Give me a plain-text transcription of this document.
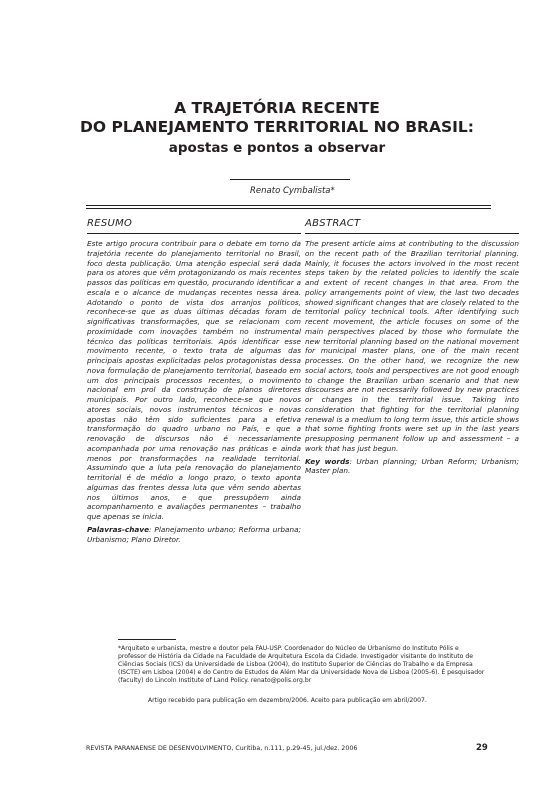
A TRAJETÓRIA RECENTE
DO PLANEJAMENTO TERRITORIAL NO BRASIL:
apostas e pontos a observar
Renato Cymbalista*
RESUMO

Este artigo procura contribuir para o debate em torno da trajetória recente do planejamento territorial no Brasil, foco desta publicação. Uma atenção especial será dada para os atores que vêm protagonizando os mais recentes passos das políticas em questão, procurando identificar a escala e o alcance de mudanças recentes nessa área. Adotando o ponto de vista dos arranjos políticos, reconhece-se que as duas últimas décadas foram de significativas transformações, que se relacionam com proximidade com inovações também no instrumental técnico das políticas territoriais. Após identificar esse movimento recente, o texto trata de algumas das principais apostas explicitadas pelos protagonistas dessa nova formulação de planejamento territorial, baseado em um dos principais processos recentes, o movimento nacional em prol da construção de planos diretores municipais. Por outro lado, reconhece-se que novos atores sociais, novos instrumentos técnicos e novas apostas não têm sido suficientes para a efetiva transformação do quadro urbano no País, e que a renovação de discursos não é necessariamente acompanhada por uma renovação nas práticas e ainda menos por transformações na realidade territorial. Assumindo que a luta pela renovação do planejamento territorial é de médio a longo prazo, o texto aponta algumas das frentes dessa luta que vêm sendo abertas nos últimos anos, e que pressupõem ainda acompanhamento e avaliações permanentes – trabalho que apenas se inicia.

Palavras-chave: Planejamento urbano; Reforma urbana; Urbanismo; Plano Diretor.

ABSTRACT

The present article aims at contributing to the discussion on the recent path of the Brazilian territorial planning. Mainly, it focuses the actors involved in the most recent steps taken by the related policies to identify the scale and extent of recent changes in that area. From the policy arrangements point of view, the last two decades showed significant changes that are closely related to the territorial policy technical tools. After identifying such recent movement, the article focuses on some of the main perspectives placed by those who formulate the new territorial planning based on the national movement for municipal master plans, one of the main recent processes. On the other hand, we recognize the new social actors, tools and perspectives are not good enough to change the Brazilian urban scenario and that new discourses are not necessarily followed by new practices or changes in the territorial issue. Taking into consideration that fighting for the territorial planning renewal is a medium to long term issue, this article shows that some fighting fronts were set up in the last years presupposing permanent follow up and assessment – a work that has just begun.

Key words: Urban planning; Urban Reform; Urbanism; Master plan.

*Arquiteto e urbanista, mestre e doutor pela FAU-USP. Coordenador do Núcleo de Urbanismo do Instituto Pólis e professor de História da Cidade na Faculdade de Arquitetura Escola da Cidade. Investigador visitante do Instituto de Ciências Sociais (ICS) da Universidade de Lisboa (2004), do Instituto Superior de Ciências do Trabalho e da Empresa (ISCTE) em Lisboa (2004) e do Centro de Estudos de Além Mar da Universidade Nova de Lisboa (2005-6). É pesquisador (faculty) do Lincoln Institute of Land Policy. renato@polis.org.br
Artigo recebido para publicação em dezembro/2006. Aceito para publicação em abril/2007.
REVISTA PARANAENSE DE DESENVOLVIMENTO, Curitiba, n.111, p.29-45, jul./dez. 2006	29
